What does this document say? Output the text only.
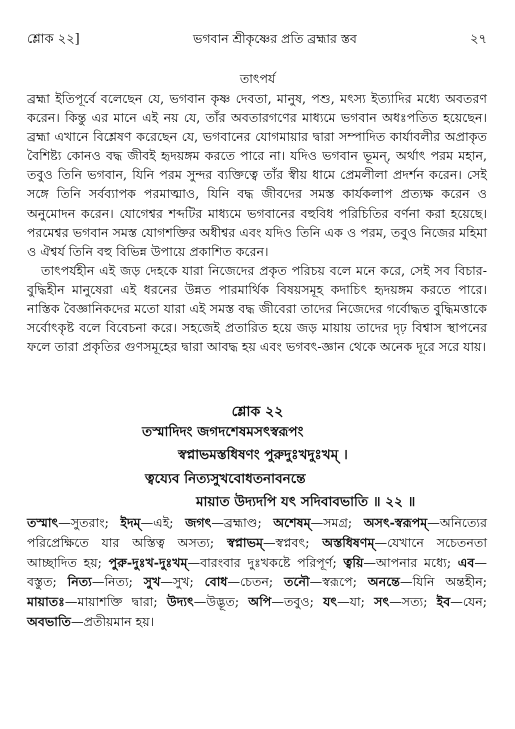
শ্লোক ২২]	ভগবান শ্রীকৃষ্ণের প্রতি ব্রহ্মার স্তব	২৭
তাৎপর্য

ব্রহ্মা ইতিপূর্বে বলেছেন যে, ভগবান কৃষ্ণ দেবতা, মানুষ, পশু, মৎস্য ইত্যাদির মধ্যে অবতরণ করেন। কিন্তু এর মানে এই নয় যে, তাঁর অবতারগণের মাধ্যমে ভগবান অধঃপতিত হয়েছেন। ব্রহ্মা এখানে বিশ্লেষণ করেছেন যে, ভগবানের যোগমায়ার দ্বারা সম্পাদিত কার্যাবলীর অপ্রাকৃত বৈশিষ্ট্য কোনও বদ্ধ জীবই হৃদয়ঙ্গম করতে পারে না। যদিও ভগবান ভূমন্, অর্থাৎ পরম মহান, তবুও তিনি ভগবান, যিনি পরম সুন্দর ব্যক্তিত্বে তাঁর স্বীয় ধামে প্রেমলীলা প্রদর্শন করেন। সেই সঙ্গে তিনি সর্বব্যাপক পরমাত্মাও, যিনি বদ্ধ জীবদের সমস্ত কার্যকলাপ প্রত্যক্ষ করেন ও অনুমোদন করেন। যোগেশ্বর শব্দটির মাধ্যমে ভগবানের বহুবিধ পরিচিতির বর্ণনা করা হয়েছে। পরমেশ্বর ভগবান সমস্ত যোগশক্তির অধীশ্বর এবং যদিও তিনি এক ও পরম, তবুও নিজের মহিমা ও ঐশ্বর্য তিনি বহু বিভিন্ন উপায়ে প্রকাশিত করেন।

তাৎপর্যহীন এই জড় দেহকে যারা নিজেদের প্রকৃত পরিচয় বলে মনে করে, সেই সব বিচার-বুদ্ধিহীন মানুষেরা এই ধরনের উন্নত পারমার্থিক বিষয়সমূহ কদাচিৎ হৃদয়ঙ্গম করতে পারে। নাস্তিক বৈজ্ঞানিকদের মতো যারা এই সমস্ত বদ্ধ জীবেরা তাদের নিজেদের গর্বোদ্ধত বুদ্ধিমত্তাকে সর্বোৎকৃষ্ট বলে বিবেচনা করে। সহজেই প্রতারিত হয়ে জড় মায়ায় তাদের দৃঢ় বিশ্বাস স্থাপনের ফলে তারা প্রকৃতির গুণসমূহের দ্বারা আবদ্ধ হয় এবং ভগবৎ-জ্ঞান থেকে অনেক দূরে সরে যায়।

শ্লোক ২২
তস্মাদিদং জগদশেষমসৎস্বরূপং
স্বপ্নাভমস্তধিষণং পুরুদুঃখদুঃখম্ ।
ত্বয্যেব নিত্যসুখবোধতনাবনন্তে
মায়াত উদ্যদপি যৎ সদিবাবভাতি ॥ ২২ ॥
তস্মাৎ—সুতরাং; ইদম্—এই; জগৎ—ব্রহ্মাণ্ড; অশেষম্—সমগ্র; অসৎ-স্বরূপম্—অনিত্যের পরিপ্রেক্ষিতে যার অস্তিত্ব অসত্য; স্বপ্নাভম্—স্বপ্নবৎ; অস্তধিষণম্—যেখানে সচেতনতা আচ্ছাদিত হয়; পুরু-দুঃখ-দুঃখম্—বারংবার দুঃখকষ্টে পরিপূর্ণ; ত্বয়ি—আপনার মধ্যে; এব—বস্তুত; নিত্য—নিত্য; সুখ—সুখ; বোধ—চেতন; তনৌ—স্বরূপে; অনন্তে—যিনি অন্তহীন; মায়াতঃ—মায়াশক্তি দ্বারা; উদ্যৎ—উদ্ভূত; অপি—তবুও; যৎ—যা; সৎ—সত্য; ইব—যেন; অবভাতি—প্রতীয়মান হয়।
